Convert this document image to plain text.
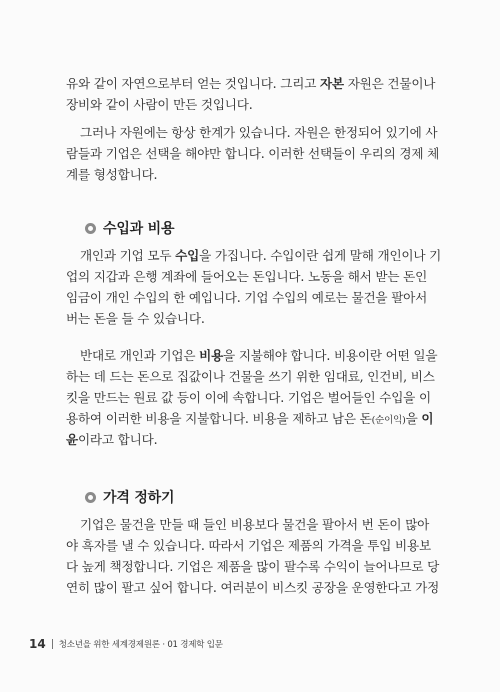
유와 같이 자연으로부터 얻는 것입니다. 그리고 자본 자원은 건물이나
장비와 같이 사람이 만든 것입니다.
그러나 자원에는 항상 한계가 있습니다. 자원은 한정되어 있기에 사
람들과 기업은 선택을 해야만 합니다. 이러한 선택들이 우리의 경제 체
계를 형성합니다.
수입과 비용
개인과 기업 모두 수입을 가집니다. 수입이란 쉽게 말해 개인이나 기
업의 지갑과 은행 계좌에 들어오는 돈입니다. 노동을 해서 받는 돈인
임금이 개인 수입의 한 예입니다. 기업 수입의 예로는 물건을 팔아서
버는 돈을 들 수 있습니다.
반대로 개인과 기업은 비용을 지불해야 합니다. 비용이란 어떤 일을
하는 데 드는 돈으로 집값이나 건물을 쓰기 위한 임대료, 인건비, 비스
킷을 만드는 원료 값 등이 이에 속합니다. 기업은 벌어들인 수입을 이
용하여 이러한 비용을 지불합니다. 비용을 제하고 남은 돈(순이익)을 이
윤이라고 합니다.
가격 정하기
기업은 물건을 만들 때 들인 비용보다 물건을 팔아서 번 돈이 많아
야 흑자를 낼 수 있습니다. 따라서 기업은 제품의 가격을 투입 비용보
다 높게 책정합니다. 기업은 제품을 많이 팔수록 수익이 늘어나므로 당
연히 많이 팔고 싶어 합니다. 여러분이 비스킷 공장을 운영한다고 가정
14 청소년을 위한 세계경제원론 · 01 경제학 입문
